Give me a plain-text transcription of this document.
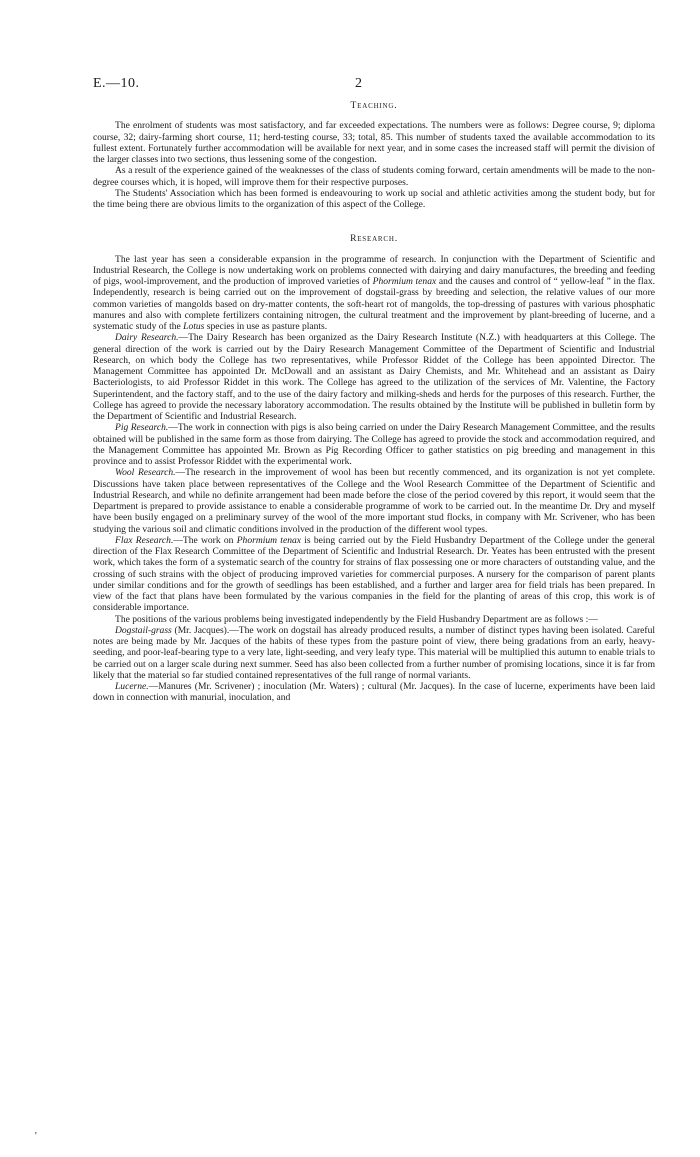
E.—10.	2
Teaching.

The enrolment of students was most satisfactory, and far exceeded expectations. The numbers were as follows: Degree course, 9; diploma course, 32; dairy-farming short course, 11; herd-testing course, 33; total, 85. This number of students taxed the available accommodation to its fullest extent. Fortunately further accommodation will be available for next year, and in some cases the increased staff will permit the division of the larger classes into two sections, thus lessening some of the congestion.

As a result of the experience gained of the weaknesses of the class of students coming forward, certain amendments will be made to the non-degree courses which, it is hoped, will improve them for their respective purposes.

The Students' Association which has been formed is endeavouring to work up social and athletic activities among the student body, but for the time being there are obvious limits to the organization of this aspect of the College.

Research.

The last year has seen a considerable expansion in the programme of research. In conjunction with the Department of Scientific and Industrial Research, the College is now undertaking work on problems connected with dairying and dairy manufactures, the breeding and feeding of pigs, wool-improvement, and the production of improved varieties of Phormium tenax and the causes and control of “ yellow-leaf ” in the flax. Independently, research is being carried out on the improvement of dogstail-grass by breeding and selection, the relative values of our more common varieties of mangolds based on dry-matter contents, the soft-heart rot of mangolds, the top-dressing of pastures with various phosphatic manures and also with complete fertilizers containing nitrogen, the cultural treatment and the improvement by plant-breeding of lucerne, and a systematic study of the Lotus species in use as pasture plants.

Dairy Research.—The Dairy Research has been organized as the Dairy Research Institute (N.Z.) with headquarters at this College. The general direction of the work is carried out by the Dairy Research Management Committee of the Department of Scientific and Industrial Research, on which body the College has two representatives, while Professor Riddet of the College has been appointed Director. The Management Committee has appointed Dr. McDowall and an assistant as Dairy Chemists, and Mr. Whitehead and an assistant as Dairy Bacteriologists, to aid Professor Riddet in this work. The College has agreed to the utilization of the services of Mr. Valentine, the Factory Superintendent, and the factory staff, and to the use of the dairy factory and milking-sheds and herds for the purposes of this research. Further, the College has agreed to provide the necessary laboratory accommodation. The results obtained by the Institute will be published in bulletin form by the Department of Scientific and Industrial Research.

Pig Research.—The work in connection with pigs is also being carried on under the Dairy Research Management Committee, and the results obtained will be published in the same form as those from dairying. The College has agreed to provide the stock and accommodation required, and the Management Committee has appointed Mr. Brown as Pig Recording Officer to gather statistics on pig breeding and management in this province and to assist Professor Riddet with the experimental work.

Wool Research.—The research in the improvement of wool has been but recently commenced, and its organization is not yet complete. Discussions have taken place between representatives of the College and the Wool Research Committee of the Department of Scientific and Industrial Research, and while no definite arrangement had been made before the close of the period covered by this report, it would seem that the Department is prepared to provide assistance to enable a considerable programme of work to be carried out. In the meantime Dr. Dry and myself have been busily engaged on a preliminary survey of the wool of the more important stud flocks, in company with Mr. Scrivener, who has been studying the various soil and climatic conditions involved in the production of the different wool types.

Flax Research.—The work on Phormium tenax is being carried out by the Field Husbandry Department of the College under the general direction of the Flax Research Committee of the Department of Scientific and Industrial Research. Dr. Yeates has been entrusted with the present work, which takes the form of a systematic search of the country for strains of flax possessing one or more characters of outstanding value, and the crossing of such strains with the object of producing improved varieties for commercial purposes. A nursery for the comparison of parent plants under similar conditions and for the growth of seedlings has been established, and a further and larger area for field trials has been prepared. In view of the fact that plans have been formulated by the various companies in the field for the planting of areas of this crop, this work is of considerable importance.

The positions of the various problems being investigated independently by the Field Husbandry Department are as follows :—

Dogstail-grass (Mr. Jacques).—The work on dogstail has already produced results, a number of distinct types having been isolated. Careful notes are being made by Mr. Jacques of the habits of these types from the pasture point of view, there being gradations from an early, heavy-seeding, and poor-leaf-bearing type to a very late, light-seeding, and very leafy type. This material will be multiplied this autumn to enable trials to be carried out on a larger scale during next summer. Seed has also been collected from a further number of promising locations, since it is far from likely that the material so far studied contained representatives of the full range of normal variants.

Lucerne.—Manures (Mr. Scrivener) ; inoculation (Mr. Waters) ; cultural (Mr. Jacques). In the case of lucerne, experiments have been laid down in connection with manurial, inoculation, and

'
